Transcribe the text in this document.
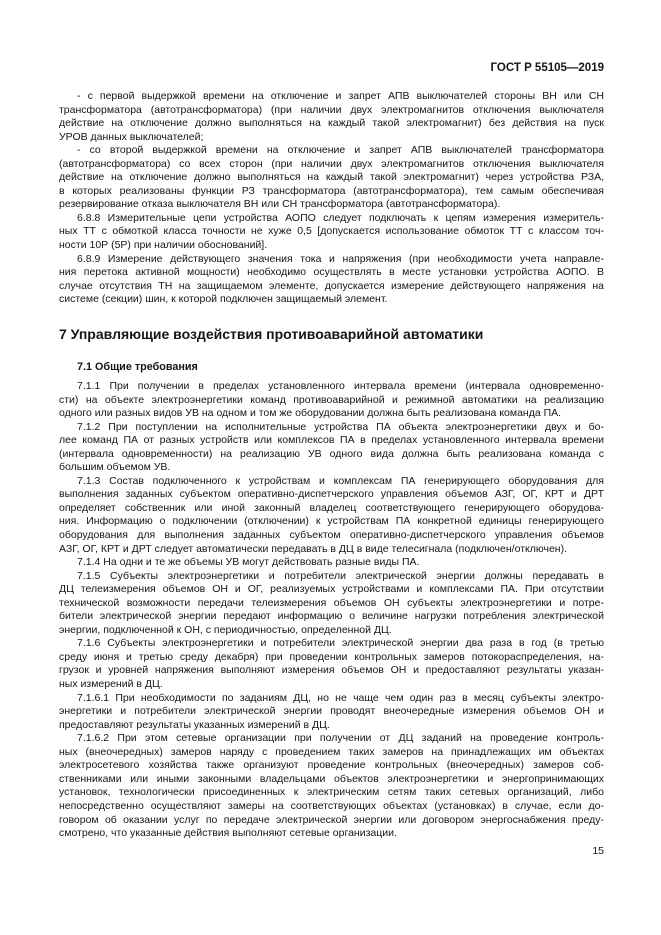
ГОСТ Р 55105—2019
- с первой выдержкой времени на отключение и запрет АПВ выключателей стороны ВН или СН
трансформатора (автотрансформатора) (при наличии двух электромагнитов отключения выключателя
действие на отключение должно выполняться на каждый такой электромагнит) без действия на пуск
УРОВ данных выключателей;
- со второй выдержкой времени на отключение и запрет АПВ выключателей трансформатора
(автотрансформатора) со всех сторон (при наличии двух электромагнитов отключения выключателя
действие на отключение должно выполняться на каждый такой электромагнит) через устройства РЗА,
в которых реализованы функции РЗ трансформатора (автотрансформатора), тем самым обеспечивая
резервирование отказа выключателя ВН или СН трансформатора (автотрансформатора).
6.8.8 Измерительные цепи устройства АОПО следует подключать к цепям измерения измеритель-
ных ТТ с обмоткой класса точности не хуже 0,5 [допускается использование обмоток ТТ с классом точ-
ности 10Р (5Р) при наличии обоснований].
6.8.9 Измерение действующего значения тока и напряжения (при необходимости учета направле-
ния перетока активной мощности) необходимо осуществлять в месте установки устройства АОПО. В
случае отсутствия ТН на защищаемом элементе, допускается измерение действующего напряжения на
системе (секции) шин, к которой подключен защищаемый элемент.
7 Управляющие воздействия противоаварийной автоматики
7.1 Общие требования
7.1.1 При получении в пределах установленного интервала времени (интервала одновременно-
сти) на объекте электроэнергетики команд противоаварийной и режимной автоматики на реализацию
одного или разных видов УВ на одном и том же оборудовании должна быть реализована команда ПА.
7.1.2 При поступлении на исполнительные устройства ПА объекта электроэнергетики двух и бо-
лее команд ПА от разных устройств или комплексов ПА в пределах установленного интервала времени
(интервала одновременности) на реализацию УВ одного вида должна быть реализована команда с
большим объемом УВ.
7.1.3 Состав подключенного к устройствам и комплексам ПА генерирующего оборудования для
выполнения заданных субъектом оперативно-диспетчерского управления объемов АЗГ, ОГ, КРТ и ДРТ
определяет собственник или иной законный владелец соответствующего генерирующего оборудова-
ния. Информацию о подключении (отключении) к устройствам ПА конкретной единицы генерирующего
оборудования для выполнения заданных субъектом оперативно-диспетчерского управления объемов
АЗГ, ОГ, КРТ и ДРТ следует автоматически передавать в ДЦ в виде телесигнала (подключен/отключен).
7.1.4 На одни и те же объемы УВ могут действовать разные виды ПА.
7.1.5 Субъекты электроэнергетики и потребители электрической энергии должны передавать в
ДЦ телеизмерения объемов ОН и ОГ, реализуемых устройствами и комплексами ПА. При отсутствии
технической возможности передачи телеизмерения объемов ОН субъекты электроэнергетики и потре-
бители электрической энергии передают информацию о величине нагрузки потребления электрической
энергии, подключенной к ОН, с периодичностью, определенной ДЦ.
7.1.6 Субъекты электроэнергетики и потребители электрической энергии два раза в год (в третью
среду июня и третью среду декабря) при проведении контрольных замеров потокораспределения, на-
грузок и уровней напряжения выполняют измерения объемов ОН и предоставляют результаты указан-
ных измерений в ДЦ.
7.1.6.1 При необходимости по заданиям ДЦ, но не чаще чем один раз в месяц субъекты электро-
энергетики и потребители электрической энергии проводят внеочередные измерения объемов ОН и
предоставляют результаты указанных измерений в ДЦ.
7.1.6.2 При этом сетевые организации при получении от ДЦ заданий на проведение контроль-
ных (внеочередных) замеров наряду с проведением таких замеров на принадлежащих им объектах
электросетевого хозяйства также организуют проведение контрольных (внеочередных) замеров соб-
ственниками или иными законными владельцами объектов электроэнергетики и энергопринимающих
установок, технологически присоединенных к электрическим сетям таких сетевых организаций, либо
непосредственно осуществляют замеры на соответствующих объектах (установках) в случае, если до-
говором об оказании услуг по передаче электрической энергии или договором энергоснабжения преду-
смотрено, что указанные действия выполняют сетевые организации.
15
